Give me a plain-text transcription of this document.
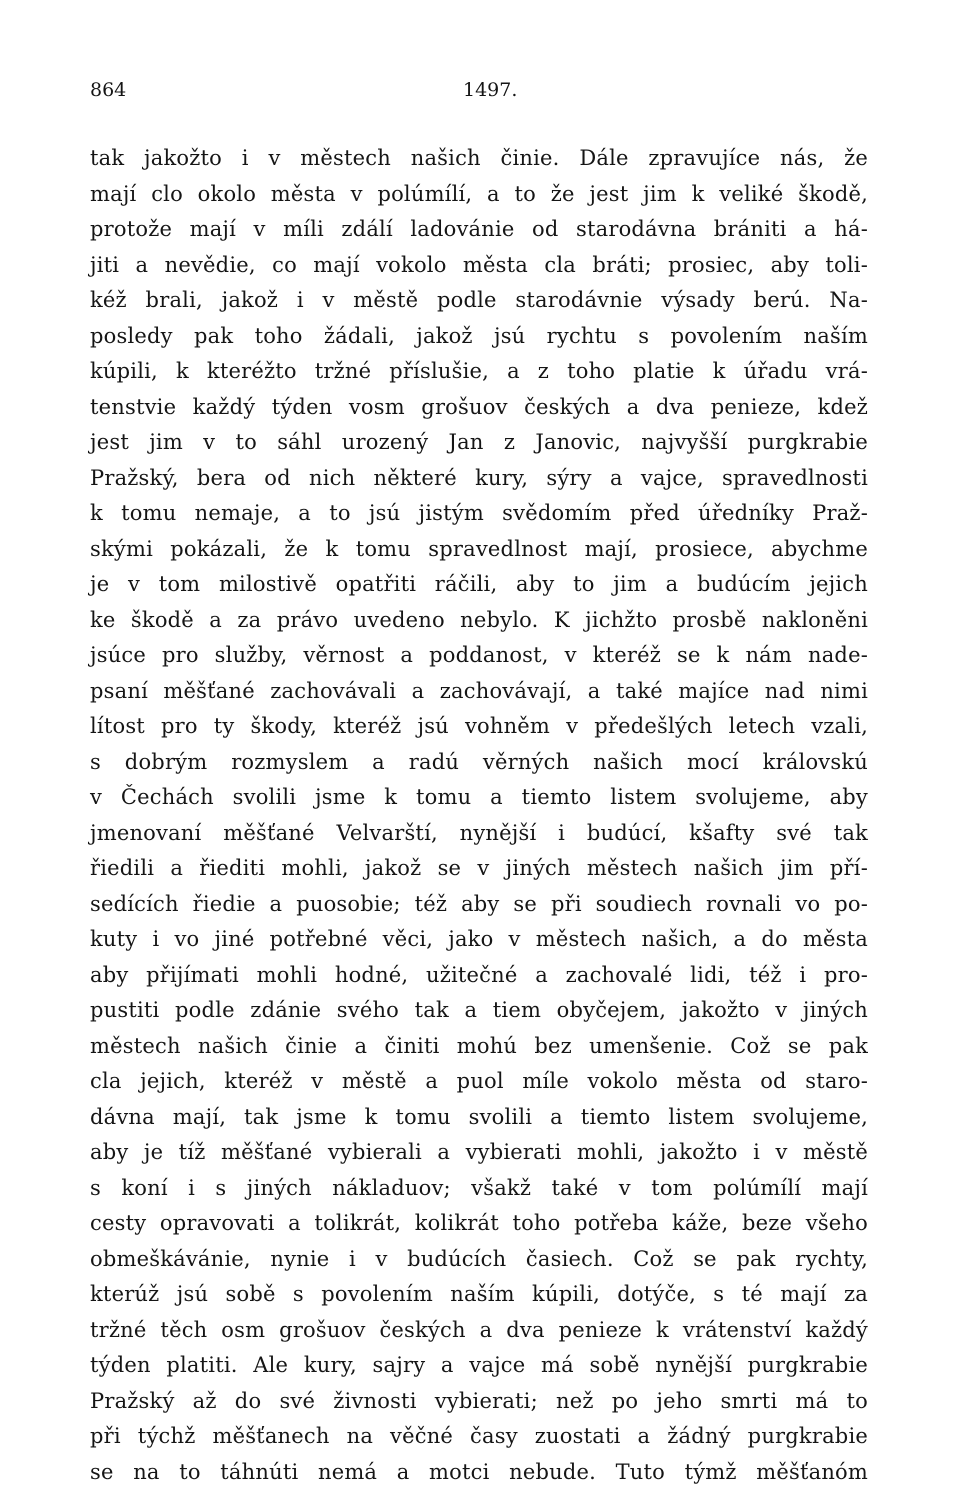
864	1497.
tak jakožto i v městech našich činie. Dále zpravujíce nás, že
mají clo okolo města v polúmílí, a to že jest jim k veliké škodě,
protože mají v míli zdálí ladovánie od starodávna brániti a há-
jiti a nevědie, co mají vokolo města cla bráti; prosiec, aby toli-
kéž brali, jakož i v městě podle starodávnie výsady berú. Na-
posledy pak toho žádali, jakož jsú rychtu s povolením naším
kúpili, k kteréžto tržné příslušie, a z toho platie k úřadu vrá-
tenstvie každý týden vosm grošuov českých a dva penieze, kdež
jest jim v to sáhl urozený Jan z Janovic, najvyšší purgkrabie
Pražský, bera od nich některé kury, sýry a vajce, spravedlnosti
k tomu nemaje, a to jsú jistým svědomím před úředníky Praž-
skými pokázali, že k tomu spravedlnost mají, prosiece, abychme
je v tom milostivě opatřiti ráčili, aby to jim a budúcím jejich
ke škodě a za právo uvedeno nebylo. K jichžto prosbě nakloněni
jsúce pro služby, věrnost a poddanost, v kteréž se k nám nade-
psaní měšťané zachovávali a zachovávají, a také majíce nad nimi
lítost pro ty škody, kteréž jsú vohněm v předešlých letech vzali,
s dobrým rozmyslem a radú věrných našich mocí královskú
v Čechách svolili jsme k tomu a tiemto listem svolujeme, aby
jmenovaní měšťané Velvarští, nynější i budúcí, kšafty své tak
řiedili a řiediti mohli, jakož se v jiných městech našich jim pří-
sedících řiedie a puosobie; též aby se při soudiech rovnali vo po-
kuty i vo jiné potřebné věci, jako v městech našich, a do města
aby přijímati mohli hodné, užitečné a zachovalé lidi, též i pro-
pustiti podle zdánie svého tak a tiem obyčejem, jakožto v jiných
městech našich činie a činiti mohú bez umenšenie. Což se pak
cla jejich, kteréž v městě a puol míle vokolo města od staro-
dávna mají, tak jsme k tomu svolili a tiemto listem svolujeme,
aby je tíž měšťané vybierali a vybierati mohli, jakožto i v městě
s koní i s jiných nákladuov; všakž také v tom polúmílí mají
cesty opravovati a tolikrát, kolikrát toho potřeba káže, beze všeho
obmeškávánie, nynie i v budúcích časiech. Což se pak rychty,
kterúž jsú sobě s povolením naším kúpili, dotýče, s té mají za
tržné těch osm grošuov českých a dva penieze k vrátenství každý
týden platiti. Ale kury, sajry a vajce má sobě nynější purgkrabie
Pražský až do své živnosti vybierati; než po jeho smrti má to
při týchž měšťanech na věčné časy zuostati a žádný purgkrabie
se na to táhnúti nemá a motci nebude. Tuto týmž měšťanóm
